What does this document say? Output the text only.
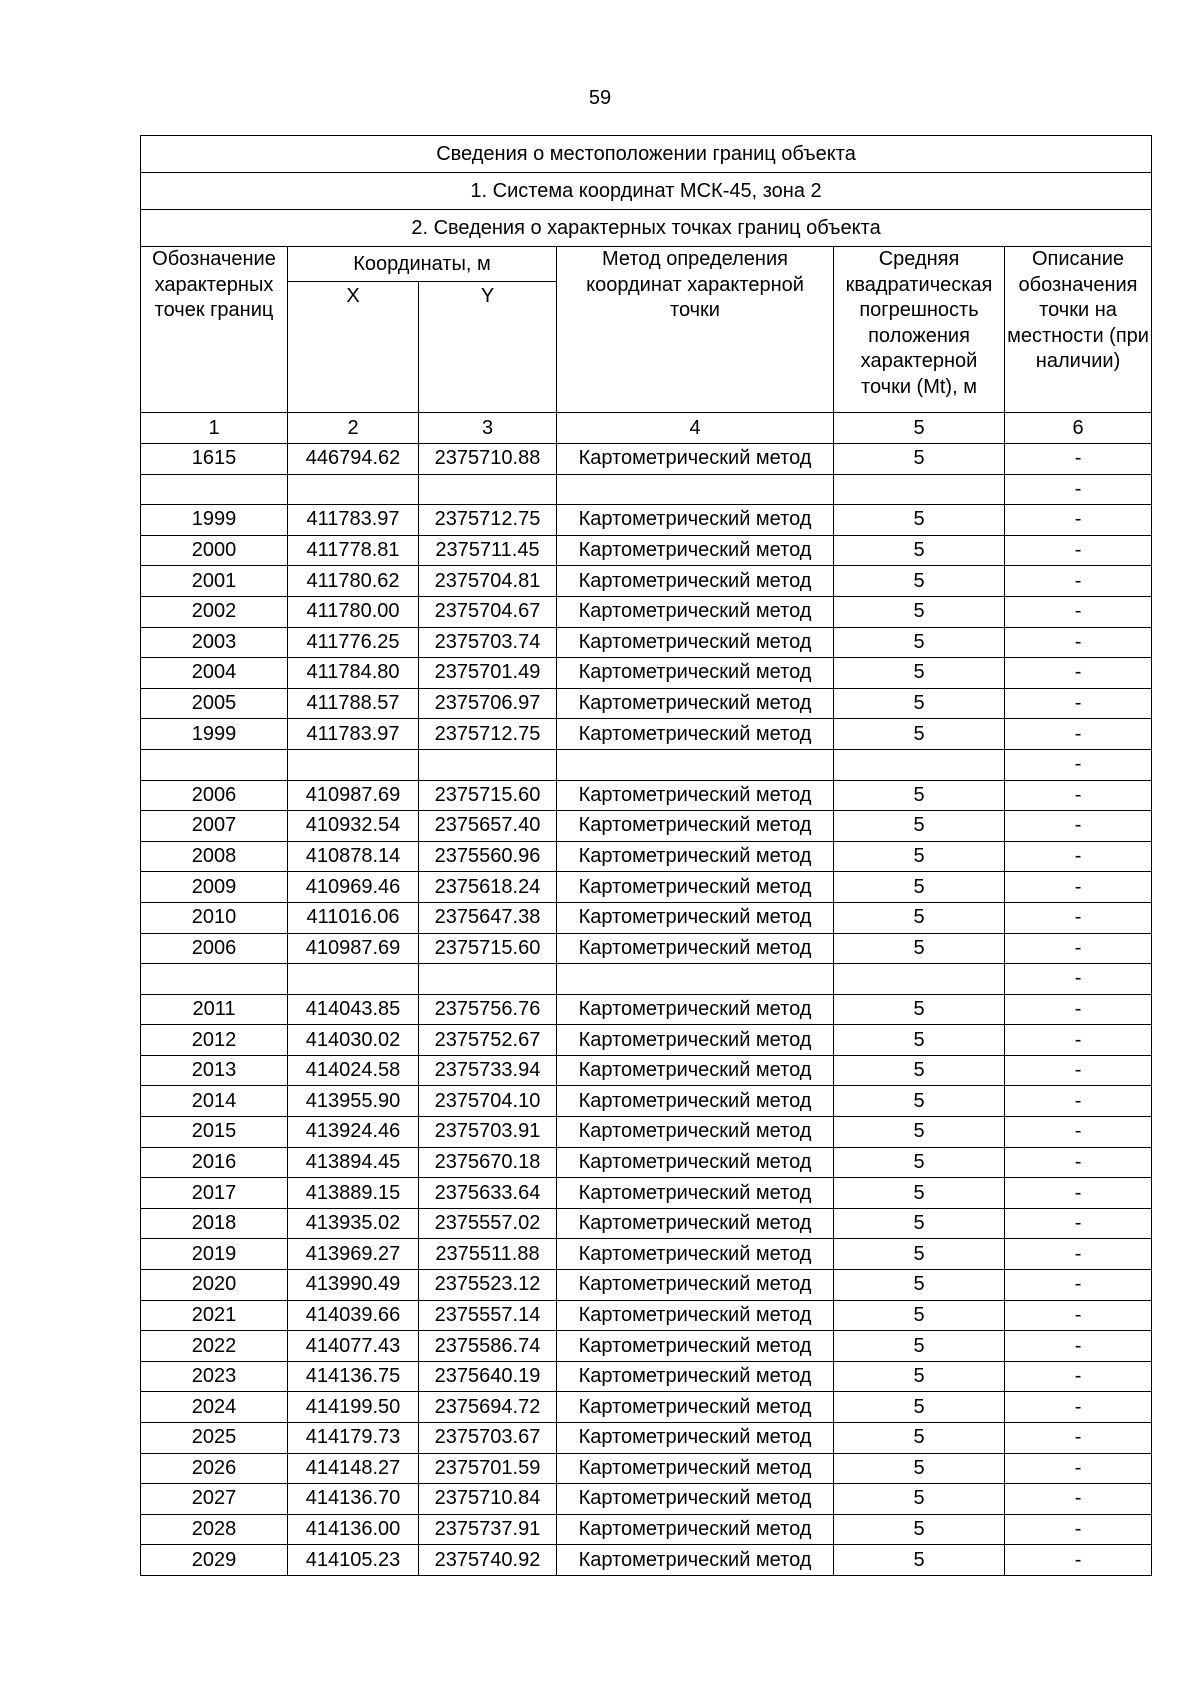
59
Сведения о местоположении границ объекта					
1. Система координат МСК-45, зона 2					
2. Сведения о характерных точках границ объекта					
Обозначение характерных точек границ	Координаты, м		Метод определения координат характерной точки	Средняя квадратическая погрешность положения характерной точки (Mt), м	Описание обозначения точки на местности (при наличии)
	X	Y			
1	2	3	4	5	6
1615	446794.62	2375710.88	Картометрический метод	5	-
					-
1999	411783.97	2375712.75	Картометрический метод	5	-
2000	411778.81	2375711.45	Картометрический метод	5	-
2001	411780.62	2375704.81	Картометрический метод	5	-
2002	411780.00	2375704.67	Картометрический метод	5	-
2003	411776.25	2375703.74	Картометрический метод	5	-
2004	411784.80	2375701.49	Картометрический метод	5	-
2005	411788.57	2375706.97	Картометрический метод	5	-
1999	411783.97	2375712.75	Картометрический метод	5	-
					-
2006	410987.69	2375715.60	Картометрический метод	5	-
2007	410932.54	2375657.40	Картометрический метод	5	-
2008	410878.14	2375560.96	Картометрический метод	5	-
2009	410969.46	2375618.24	Картометрический метод	5	-
2010	411016.06	2375647.38	Картометрический метод	5	-
2006	410987.69	2375715.60	Картометрический метод	5	-
					-
2011	414043.85	2375756.76	Картометрический метод	5	-
2012	414030.02	2375752.67	Картометрический метод	5	-
2013	414024.58	2375733.94	Картометрический метод	5	-
2014	413955.90	2375704.10	Картометрический метод	5	-
2015	413924.46	2375703.91	Картометрический метод	5	-
2016	413894.45	2375670.18	Картометрический метод	5	-
2017	413889.15	2375633.64	Картометрический метод	5	-
2018	413935.02	2375557.02	Картометрический метод	5	-
2019	413969.27	2375511.88	Картометрический метод	5	-
2020	413990.49	2375523.12	Картометрический метод	5	-
2021	414039.66	2375557.14	Картометрический метод	5	-
2022	414077.43	2375586.74	Картометрический метод	5	-
2023	414136.75	2375640.19	Картометрический метод	5	-
2024	414199.50	2375694.72	Картометрический метод	5	-
2025	414179.73	2375703.67	Картометрический метод	5	-
2026	414148.27	2375701.59	Картометрический метод	5	-
2027	414136.70	2375710.84	Картометрический метод	5	-
2028	414136.00	2375737.91	Картометрический метод	5	-
2029	414105.23	2375740.92	Картометрический метод	5	-
